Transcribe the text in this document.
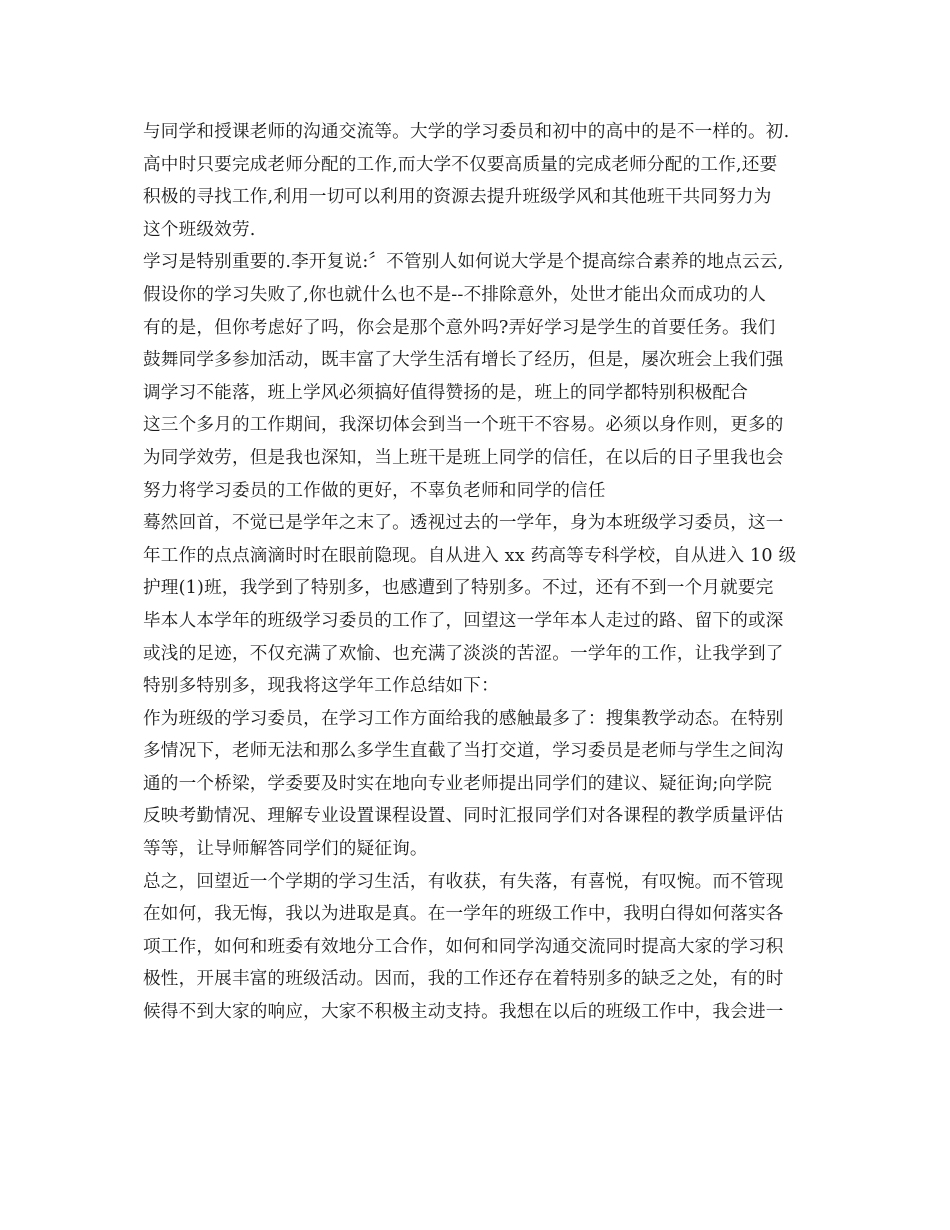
与同学和授课老师的沟通交流等。大学的学习委员和初中的高中的是不一样的。初.
高中时只要完成老师分配的工作,而大学不仅要高质量的完成老师分配的工作,还要
积极的寻找工作,利用一切可以利用的资源去提升班级学风和其他班干共同努力为
这个班级效劳.
学习是特别重要的.李开复说:〞不管别人如何说大学是个提高综合素养的地点云云,
假设你的学习失败了,你也就什么也不是--不排除意外，处世才能出众而成功的人
有的是，但你考虑好了吗，你会是那个意外吗?弄好学习是学生的首要任务。我们
鼓舞同学多参加活动，既丰富了大学生活有增长了经历，但是，屡次班会上我们强
调学习不能落，班上学风必须搞好值得赞扬的是，班上的同学都特别积极配合
这三个多月的工作期间，我深切体会到当一个班干不容易。必须以身作则，更多的
为同学效劳，但是我也深知，当上班干是班上同学的信任，在以后的日子里我也会
努力将学习委员的工作做的更好，不辜负老师和同学的信任
蓦然回首，不觉已是学年之末了。透视过去的一学年，身为本班级学习委员，这一
年工作的点点滴滴时时在眼前隐现。自从进入 xx 药高等专科学校，自从进入 10 级
护理(1)班，我学到了特别多，也感遭到了特别多。不过，还有不到一个月就要完
毕本人本学年的班级学习委员的工作了，回望这一学年本人走过的路、留下的或深
或浅的足迹，不仅充满了欢愉、也充满了淡淡的苦涩。一学年的工作，让我学到了
特别多特别多，现我将这学年工作总结如下：
作为班级的学习委员，在学习工作方面给我的感触最多了：搜集教学动态。在特别
多情况下，老师无法和那么多学生直截了当打交道，学习委员是老师与学生之间沟
通的一个桥梁，学委要及时实在地向专业老师提出同学们的建议、疑征询;向学院
反映考勤情况、理解专业设置课程设置、同时汇报同学们对各课程的教学质量评估
等等，让导师解答同学们的疑征询。
总之，回望近一个学期的学习生活，有收获，有失落，有喜悦，有叹惋。而不管现
在如何，我无悔，我以为进取是真。在一学年的班级工作中，我明白得如何落实各
项工作，如何和班委有效地分工合作，如何和同学沟通交流同时提高大家的学习积
极性，开展丰富的班级活动。因而，我的工作还存在着特别多的缺乏之处，有的时
候得不到大家的响应，大家不积极主动支持。我想在以后的班级工作中，我会进一
